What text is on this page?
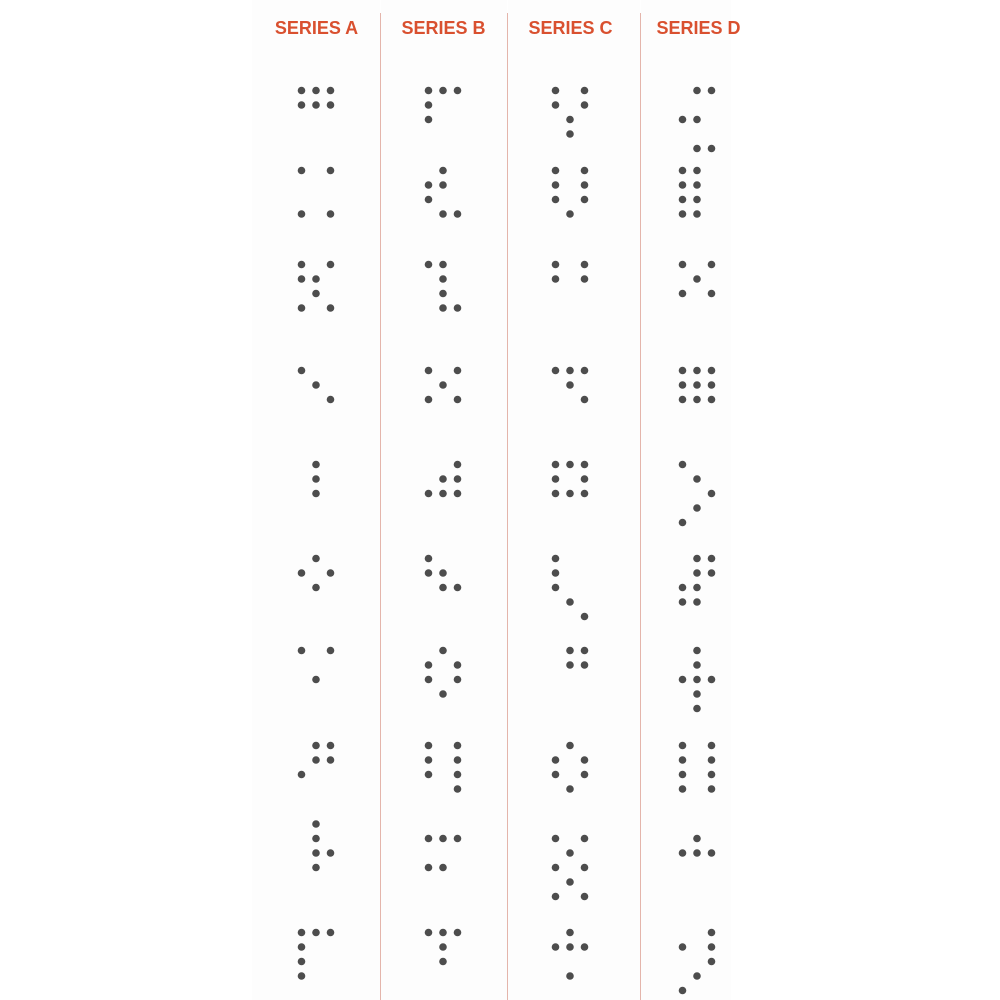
SERIES A	SERIES B	SERIES C	SERIES D
